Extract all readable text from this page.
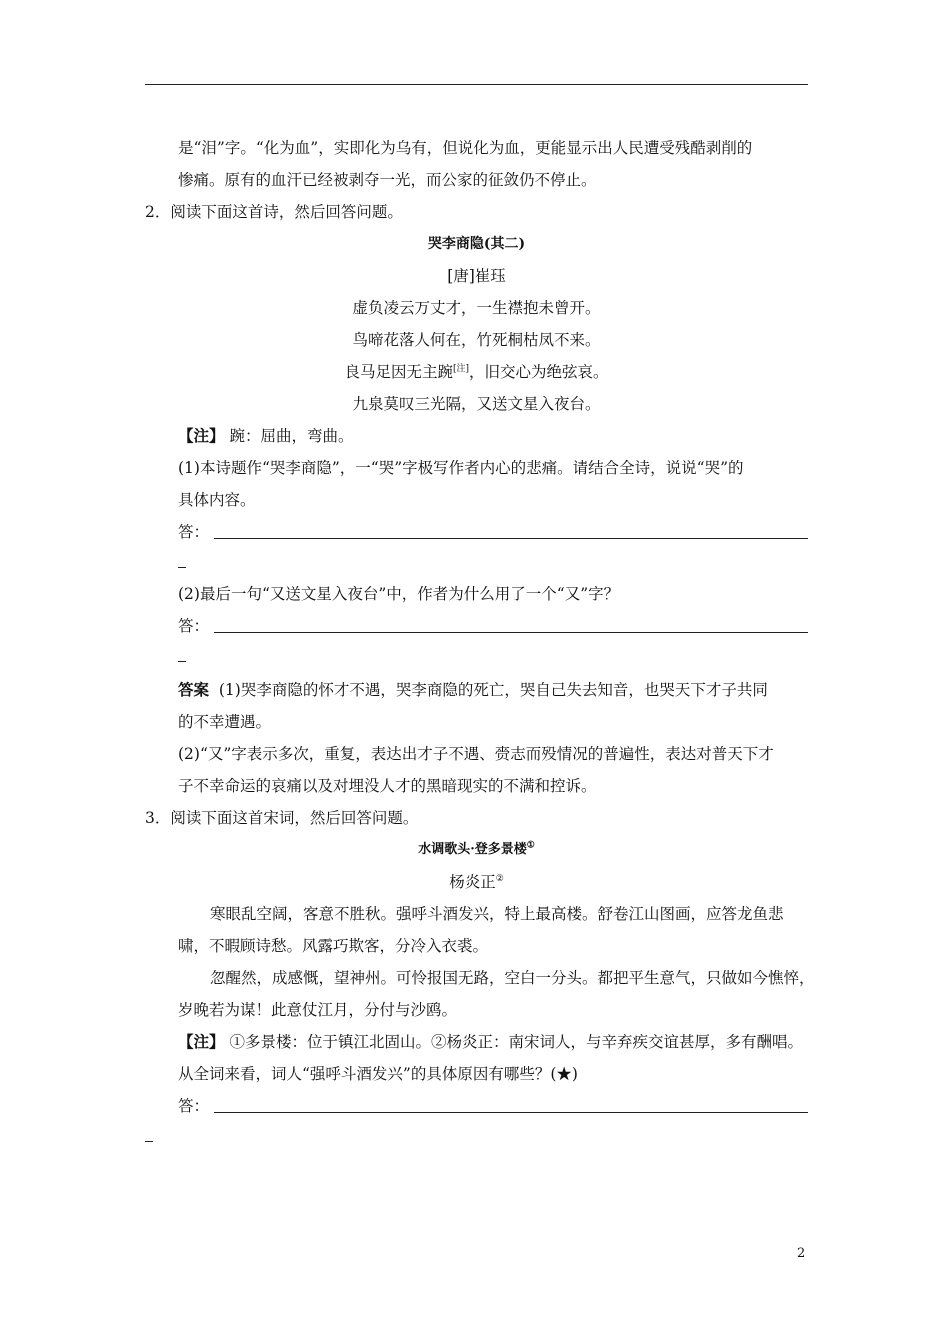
是“泪”字。“化为血”，实即化为乌有，但说化为血，更能显示出人民遭受残酷剥削的
惨痛。原有的血汗已经被剥夺一光，而公家的征敛仍不停止。
2．阅读下面这首诗，然后回答问题。
哭李商隐(其二)
[唐]崔珏
虚负凌云万丈才，一生襟抱未曾开。
鸟啼花落人何在，竹死桐枯凤不来。
良马足因无主踠[注]，旧交心为绝弦哀。
九泉莫叹三光隔，又送文星入夜台。
【注】 踠：屈曲，弯曲。
(1)本诗题作“哭李商隐”，一“哭”字极写作者内心的悲痛。请结合全诗，说说“哭”的
具体内容。
答：
(2)最后一句“又送文星入夜台”中，作者为什么用了一个“又”字？
答：
答案 (1)哭李商隐的怀才不遇，哭李商隐的死亡，哭自己失去知音，也哭天下才子共同
的不幸遭遇。
(2)“又”字表示多次，重复，表达出才子不遇、赍志而殁情况的普遍性，表达对普天下才
子不幸命运的哀痛以及对埋没人才的黑暗现实的不满和控诉。
3．阅读下面这首宋词，然后回答问题。
水调歌头·登多景楼①
杨炎正②
寒眼乱空阔，客意不胜秋。强呼斗酒发兴，特上最高楼。舒卷江山图画，应答龙鱼悲
啸，不暇顾诗愁。风露巧欺客，分冷入衣裘。
忽醒然，成感慨，望神州。可怜报国无路，空白一分头。都把平生意气，只做如今憔悴，
岁晚若为谋！此意仗江月，分付与沙鸥。
【注】 ①多景楼：位于镇江北固山。②杨炎正：南宋词人，与辛弃疾交谊甚厚，多有酬唱。
从全词来看，词人“强呼斗酒发兴”的具体原因有哪些？(★)
答：
2
